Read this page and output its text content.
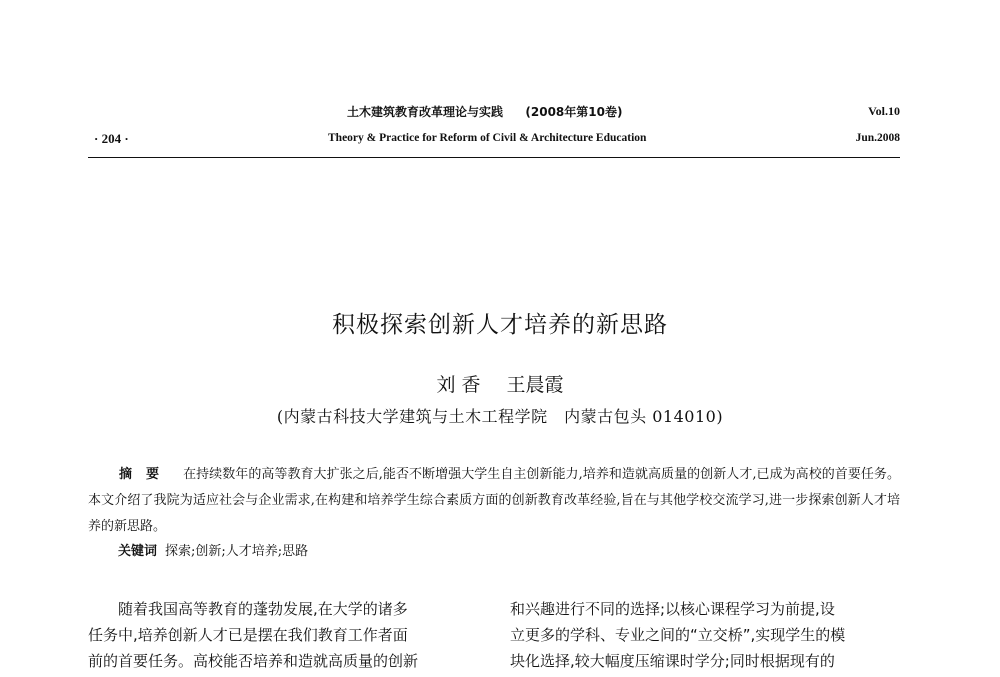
土木建筑教育改革理论与实践 (2008年第10卷)	Vol.10
· 204 ·	Theory & Practice for Reform of Civil & Architecture Education	Jun.2008
积极探索创新人才培养的新思路
刘 香 王晨霞
(内蒙古科技大学建筑与土木工程学院　内蒙古包头 014010)
摘要 在持续数年的高等教育大扩张之后,能否不断增强大学生自主创新能力,培养和造就高质量的创新人才,已成为高校的首要任务。本文介绍了我院为适应社会与企业需求,在构建和培养学生综合素质方面的创新教育改革经验,旨在与其他学校交流学习,进一步探索创新人才培养的新思路。
关键词 探索;创新;人才培养;思路
随着我国高等教育的蓬勃发展,在大学的诸多
任务中,培养创新人才已是摆在我们教育工作者面
前的首要任务。高校能否培养和造就高质量的创新
和兴趣进行不同的选择;以核心课程学习为前提,设
立更多的学科、专业之间的“立交桥”,实现学生的模
块化选择,较大幅度压缩课时学分;同时根据现有的
